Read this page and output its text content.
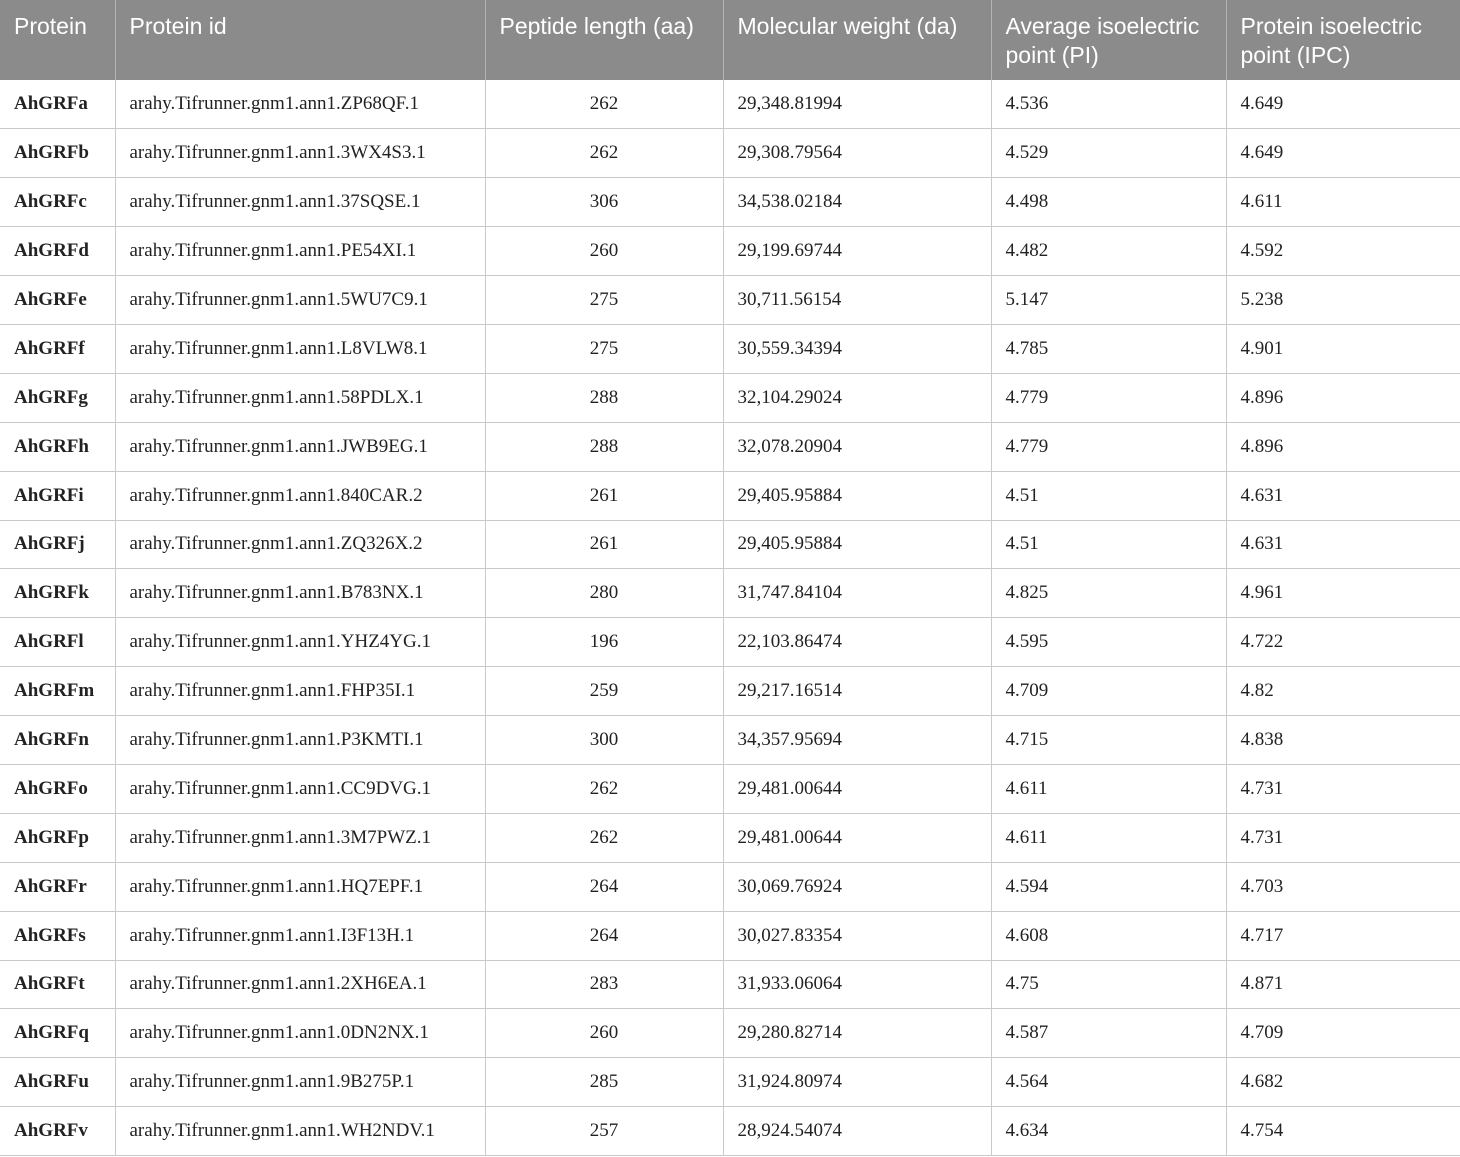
Protein	Protein id	Peptide length (aa)	Molecular weight (da)	Average isoelectric point (PI)	Protein isoelectric point (IPC)
AhGRFa	arahy.Tifrunner.gnm1.ann1.ZP68QF.1	262	29,348.81994	4.536	4.649
AhGRFb	arahy.Tifrunner.gnm1.ann1.3WX4S3.1	262	29,308.79564	4.529	4.649
AhGRFc	arahy.Tifrunner.gnm1.ann1.37SQSE.1	306	34,538.02184	4.498	4.611
AhGRFd	arahy.Tifrunner.gnm1.ann1.PE54XI.1	260	29,199.69744	4.482	4.592
AhGRFe	arahy.Tifrunner.gnm1.ann1.5WU7C9.1	275	30,711.56154	5.147	5.238
AhGRFf	arahy.Tifrunner.gnm1.ann1.L8VLW8.1	275	30,559.34394	4.785	4.901
AhGRFg	arahy.Tifrunner.gnm1.ann1.58PDLX.1	288	32,104.29024	4.779	4.896
AhGRFh	arahy.Tifrunner.gnm1.ann1.JWB9EG.1	288	32,078.20904	4.779	4.896
AhGRFi	arahy.Tifrunner.gnm1.ann1.840CAR.2	261	29,405.95884	4.51	4.631
AhGRFj	arahy.Tifrunner.gnm1.ann1.ZQ326X.2	261	29,405.95884	4.51	4.631
AhGRFk	arahy.Tifrunner.gnm1.ann1.B783NX.1	280	31,747.84104	4.825	4.961
AhGRFl	arahy.Tifrunner.gnm1.ann1.YHZ4YG.1	196	22,103.86474	4.595	4.722
AhGRFm	arahy.Tifrunner.gnm1.ann1.FHP35I.1	259	29,217.16514	4.709	4.82
AhGRFn	arahy.Tifrunner.gnm1.ann1.P3KMTI.1	300	34,357.95694	4.715	4.838
AhGRFo	arahy.Tifrunner.gnm1.ann1.CC9DVG.1	262	29,481.00644	4.611	4.731
AhGRFp	arahy.Tifrunner.gnm1.ann1.3M7PWZ.1	262	29,481.00644	4.611	4.731
AhGRFr	arahy.Tifrunner.gnm1.ann1.HQ7EPF.1	264	30,069.76924	4.594	4.703
AhGRFs	arahy.Tifrunner.gnm1.ann1.I3F13H.1	264	30,027.83354	4.608	4.717
AhGRFt	arahy.Tifrunner.gnm1.ann1.2XH6EA.1	283	31,933.06064	4.75	4.871
AhGRFq	arahy.Tifrunner.gnm1.ann1.0DN2NX.1	260	29,280.82714	4.587	4.709
AhGRFu	arahy.Tifrunner.gnm1.ann1.9B275P.1	285	31,924.80974	4.564	4.682
AhGRFv	arahy.Tifrunner.gnm1.ann1.WH2NDV.1	257	28,924.54074	4.634	4.754
